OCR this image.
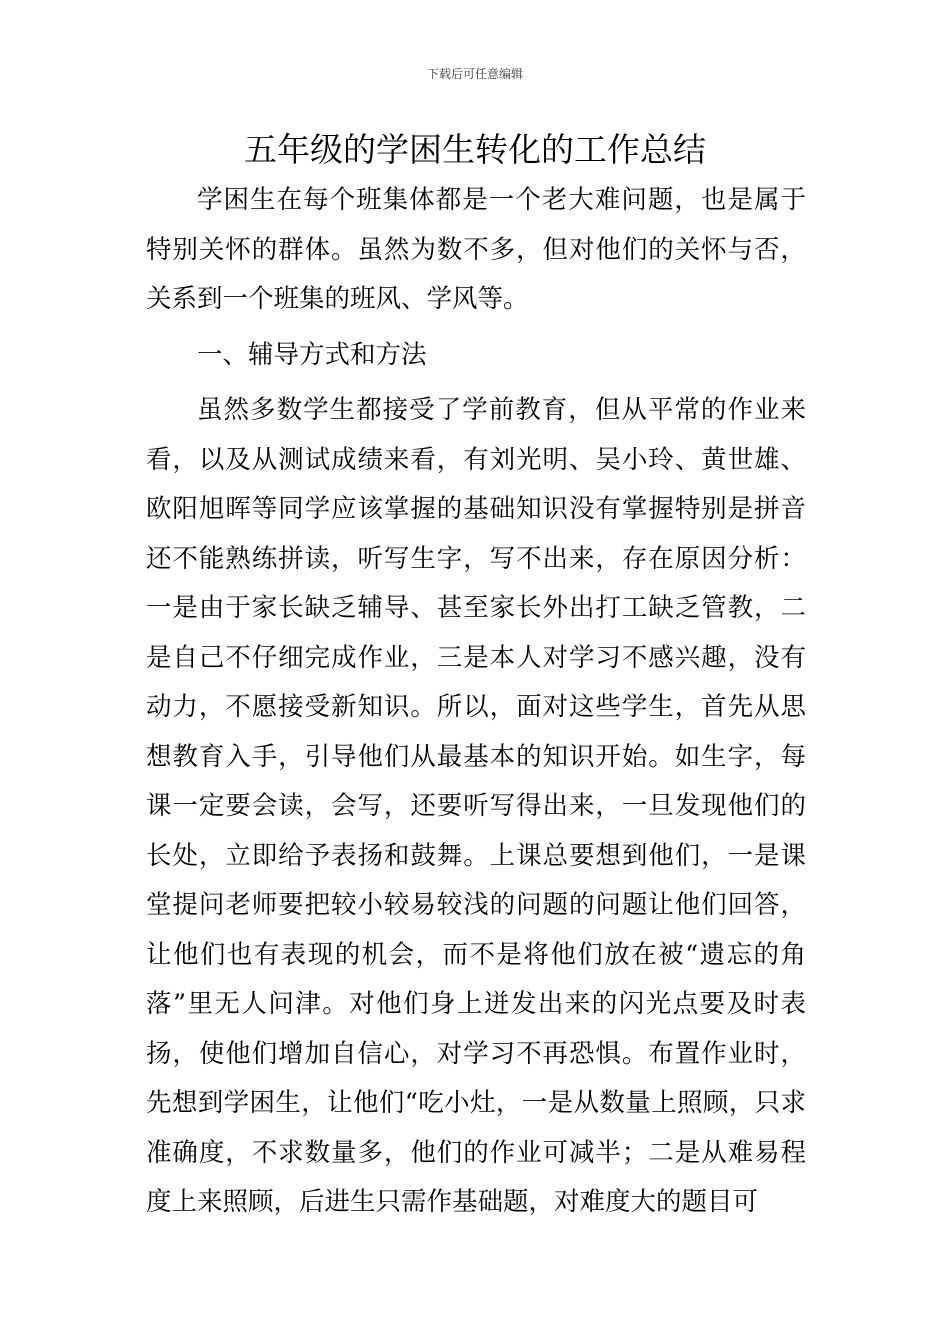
下载后可任意编辑
五年级的学困生转化的工作总结

学困生在每个班集体都是一个老大难问题，也是属于特别关怀的群体。虽然为数不多，但对他们的关怀与否，关系到一个班集的班风、学风等。

一、辅导方式和方法

虽然多数学生都接受了学前教育，但从平常的作业来看，以及从测试成绩来看，有刘光明、吴小玲、黄世雄、欧阳旭晖等同学应该掌握的基础知识没有掌握特别是拼音还不能熟练拼读，听写生字，写不出来，存在原因分析：一是由于家长缺乏辅导、甚至家长外出打工缺乏管教，二是自己不仔细完成作业，三是本人对学习不感兴趣，没有动力，不愿接受新知识。所以，面对这些学生，首先从思想教育入手，引导他们从最基本的知识开始。如生字，每课一定要会读，会写，还要听写得出来，一旦发现他们的长处，立即给予表扬和鼓舞。上课总要想到他们，一是课堂提问老师要把较小较易较浅的问题的问题让他们回答，让他们也有表现的机会，而不是将他们放在被“遗忘的角落”里无人问津。对他们身上迸发出来的闪光点要及时表扬，使他们增加自信心，对学习不再恐惧。布置作业时，先想到学困生，让他们“吃小灶，一是从数量上照顾，只求准确度，不求数量多，他们的作业可减半；二是从难易程度上来照顾，后进生只需作基础题，对难度大的题目可
